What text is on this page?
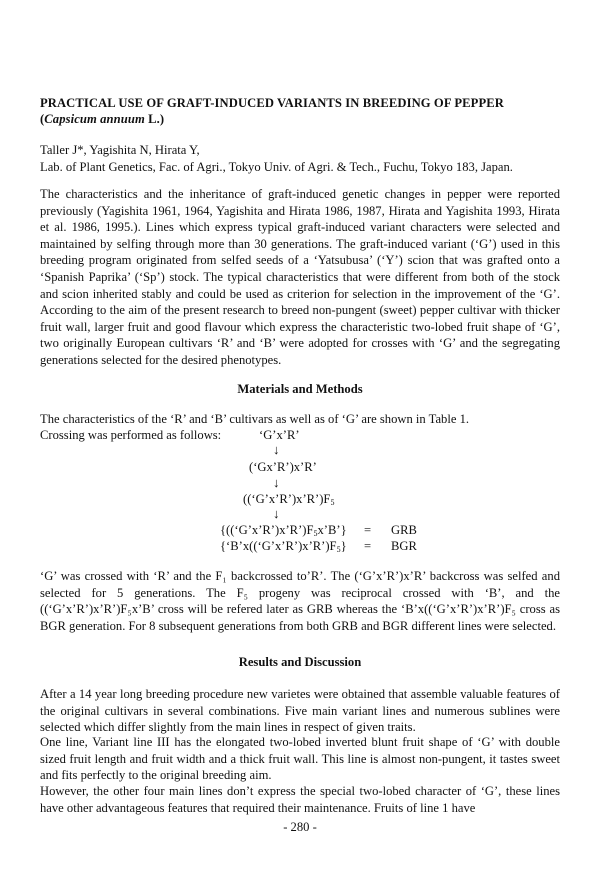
PRACTICAL USE OF GRAFT-INDUCED VARIANTS IN BREEDING OF PEPPER
(Capsicum annuum L.)
Taller J*, Yagishita N, Hirata Y,
Lab. of Plant Genetics, Fac. of Agri., Tokyo Univ. of Agri. & Tech., Fuchu, Tokyo 183, Japan.
The characteristics and the inheritance of graft-induced genetic changes in pepper were reported previously (Yagishita 1961, 1964, Yagishita and Hirata 1986, 1987, Hirata and Yagishita 1993, Hirata et al. 1986, 1995.). Lines which express typical graft-induced variant characters were selected and maintained by selfing through more than 30 generations. The graft-induced variant (‘G’) used in this breeding program originated from selfed seeds of a ‘Yatsubusa’ (‘Y’) scion that was grafted onto a ‘Spanish Paprika’ (‘Sp’) stock. The typical characteristics that were different from both of the stock and scion inherited stably and could be used as criterion for selection in the improvement of the ‘G’. According to the aim of the present research to breed non-pungent (sweet) pepper cultivar with thicker fruit wall, larger fruit and good flavour which express the characteristic two-lobed fruit shape of ‘G’, two originally European cultivars ‘R’ and ‘B’ were adopted for crosses with ‘G’ and the segregating generations selected for the desired phenotypes.
Materials and Methods
The characteristics of the ‘R’ and ‘B’ cultivars as well as of ‘G’ are shown in Table 1.
Crossing was performed as follows:	‘G’x’R’
↓
(‘Gx’R’)x’R’
↓
$((‘G’x’R’)x’R’)F_5$
↓
$\{((‘G’x’R’)x’R’)F_5x’B’\}$ = GRB
$\{‘B’x((‘G’x’R’)x’R’)F_5\}$ = BGR
‘G’ was crossed with ‘R’ and the F₁ backcrossed to’R’. The (‘G’x’R’)x’R’ backcross was selfed and selected for 5 generations. The F₅ progeny was reciprocal crossed with ‘B’, and the ((‘G’x’R’)x’R’)F₅x’B’ cross will be refered later as GRB whereas the ‘B’x((‘G’x’R’)x’R’)F₅ cross as BGR generation. For 8 subsequent generations from both GRB and BGR different lines were selected.
Results and Discussion
After a 14 year long breeding procedure new varietes were obtained that assemble valuable features of the original cultivars in several combinations. Five main variant lines and numerous sublines were selected which differ slightly from the main lines in respect of given traits.
One line, Variant line III has the elongated two-lobed inverted blunt fruit shape of ‘G’ with double sized fruit length and fruit width and a thick fruit wall. This line is almost non-pungent, it tastes sweet and fits perfectly to the original breeding aim.
However, the other four main lines don’t express the special two-lobed character of ‘G’, these lines have other advantageous features that required their maintenance. Fruits of line 1 have
- 280 -
